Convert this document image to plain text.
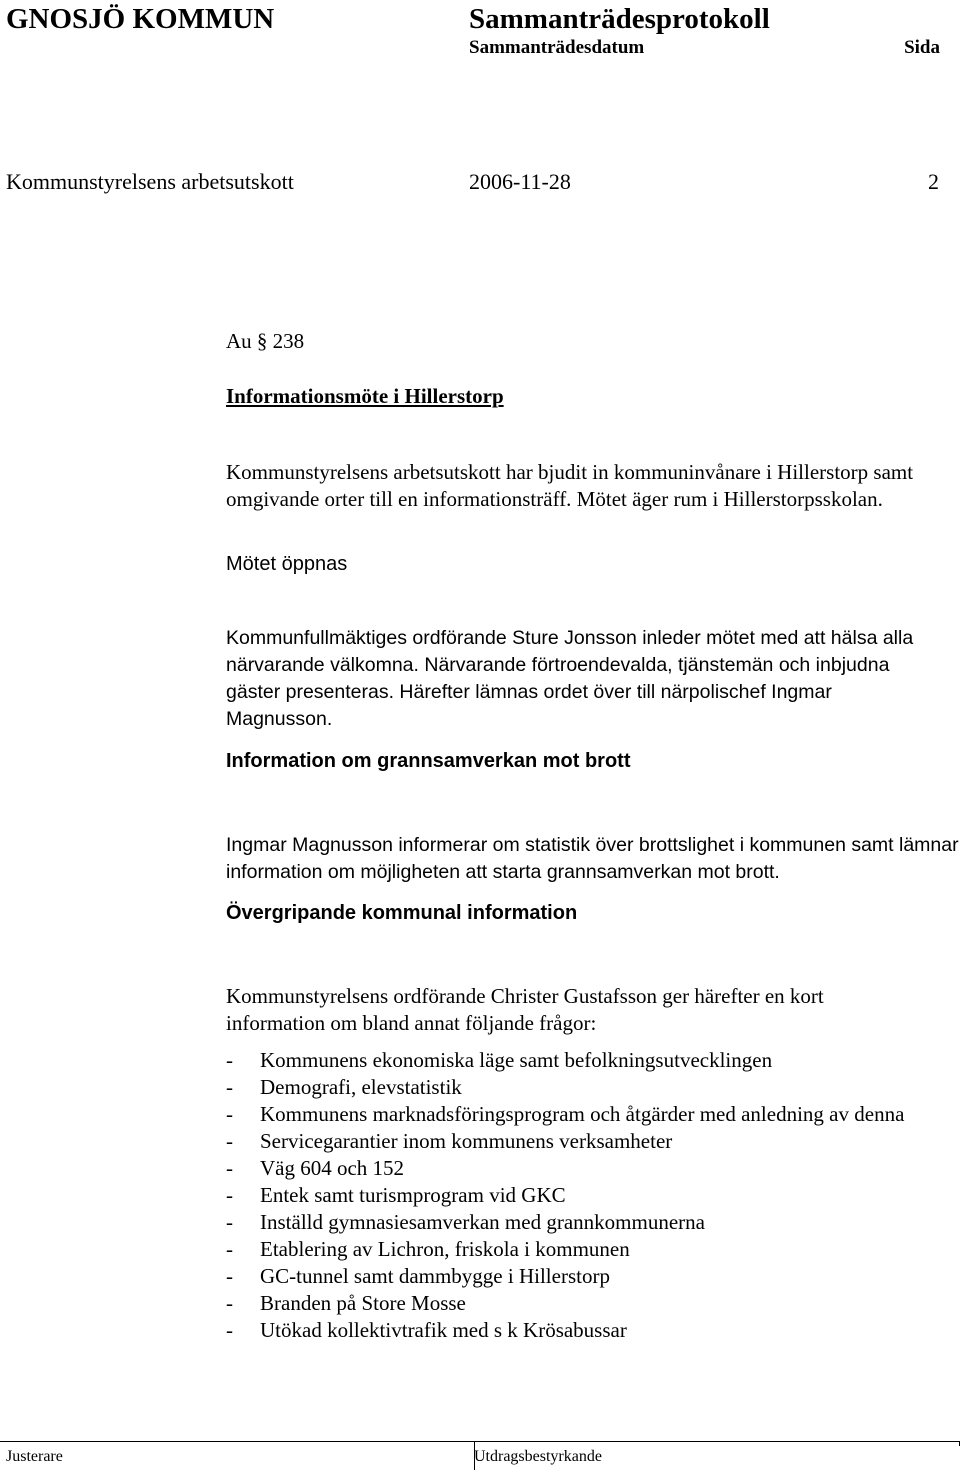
GNOSJÖ KOMMUN	Sammanträdesprotokoll
Sammanträdesdatum	Sida
Kommunstyrelsens arbetsutskott	2006-11-28	2
Au § 238
Informationsmöte i Hillerstorp

Kommunstyrelsens arbetsutskott har bjudit in kommuninvånare i Hillerstorp samt omgivande orter till en informationsträff. Mötet äger rum i Hillerstorpsskolan.

Mötet öppnas

Kommunfullmäktiges ordförande Sture Jonsson inleder mötet med att hälsa alla närvarande välkomna. Närvarande förtroendevalda, tjänstemän och inbjudna gäster presenteras. Härefter lämnas ordet över till närpolischef Ingmar Magnusson.

Information om grannsamverkan mot brott

Ingmar Magnusson informerar om statistik över brottslighet i kommunen samt lämnar information om möjligheten att starta grannsamverkan mot brott.

Övergripande kommunal information

Kommunstyrelsens ordförande Christer Gustafsson ger härefter en kort information om bland annat följande frågor:

- Kommunens ekonomiska läge samt befolkningsutvecklingen
- Demografi, elevstatistik
- Kommunens marknadsföringsprogram och åtgärder med anledning av denna
- Servicegarantier inom kommunens verksamheter
- Väg 604 och 152
- Entek samt turismprogram vid GKC
- Inställd gymnasiesamverkan med grannkommunerna
- Etablering av Lichron, friskola i kommunen
- GC-tunnel samt dammbygge i Hillerstorp
- Branden på Store Mosse
- Utökad kollektivtrafik med s k Krösabussar
Justerare	Utdragsbestyrkande
